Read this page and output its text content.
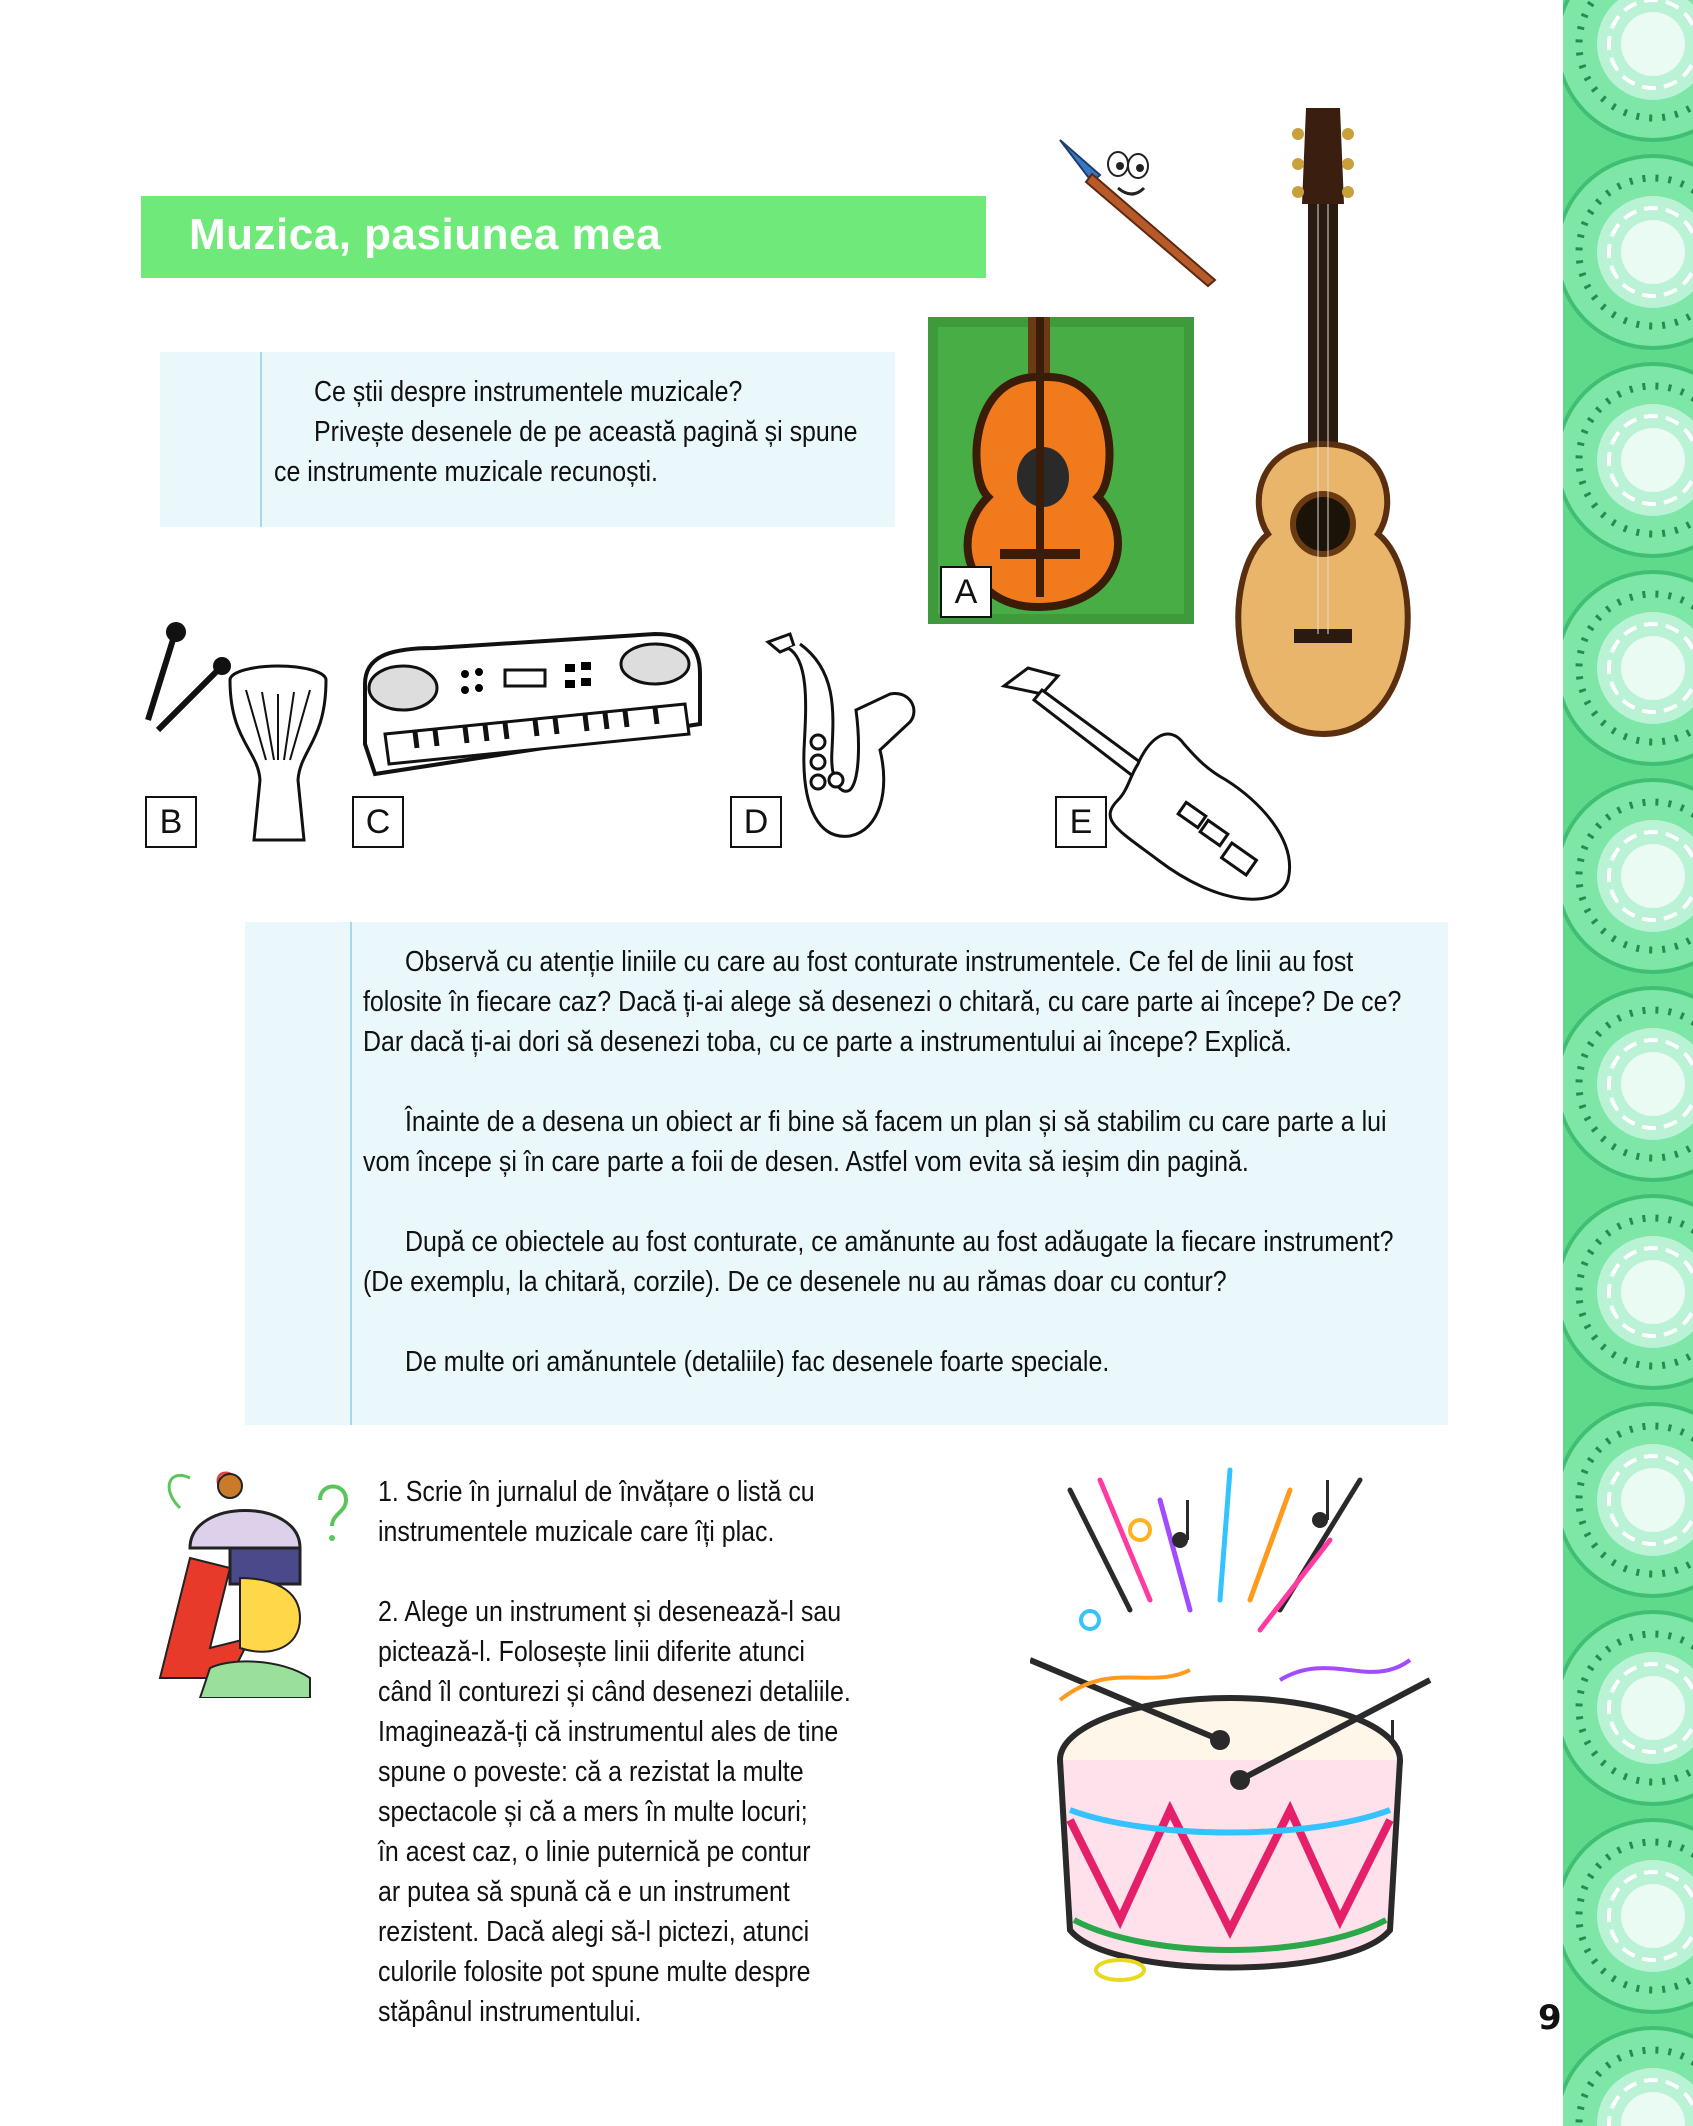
Muzica, pasiunea mea
Ce știi despre instrumentele muzicale?
Privește desenele de pe această pagină și spune
ce instrumente muzicale recunoști.
A
B	C	D	E
Observă cu atenție liniile cu care au fost conturate instrumentele. Ce fel de linii au fost
folosite în fiecare caz? Dacă ți-ai alege să desenezi o chitară, cu care parte ai începe? De ce?
Dar dacă ți-ai dori să desenezi toba, cu ce parte a instrumentului ai începe? Explică.
Înainte de a desena un obiect ar fi bine să facem un plan și să stabilim cu care parte a lui
vom începe și în care parte a foii de desen. Astfel vom evita să ieșim din pagină.
După ce obiectele au fost conturate, ce amănunte au fost adăugate la fiecare instrument?
(De exemplu, la chitară, corzile). De ce desenele nu au rămas doar cu contur?
De multe ori amănuntele (detaliile) fac desenele foarte speciale.
1. Scrie în jurnalul de învățare o listă cu
instrumentele muzicale care îți plac.
2. Alege un instrument și desenează-l sau
pictează-l. Folosește linii diferite atunci
când îl conturezi și când desenezi detaliile.
Imaginează-ți că instrumentul ales de tine
spune o poveste: că a rezistat la multe
spectacole și că a mers în multe locuri;
în acest caz, o linie puternică pe contur
ar putea să spună că e un instrument
rezistent. Dacă alegi să-l pictezi, atunci
culorile folosite pot spune multe despre
stăpânul instrumentului.	9
